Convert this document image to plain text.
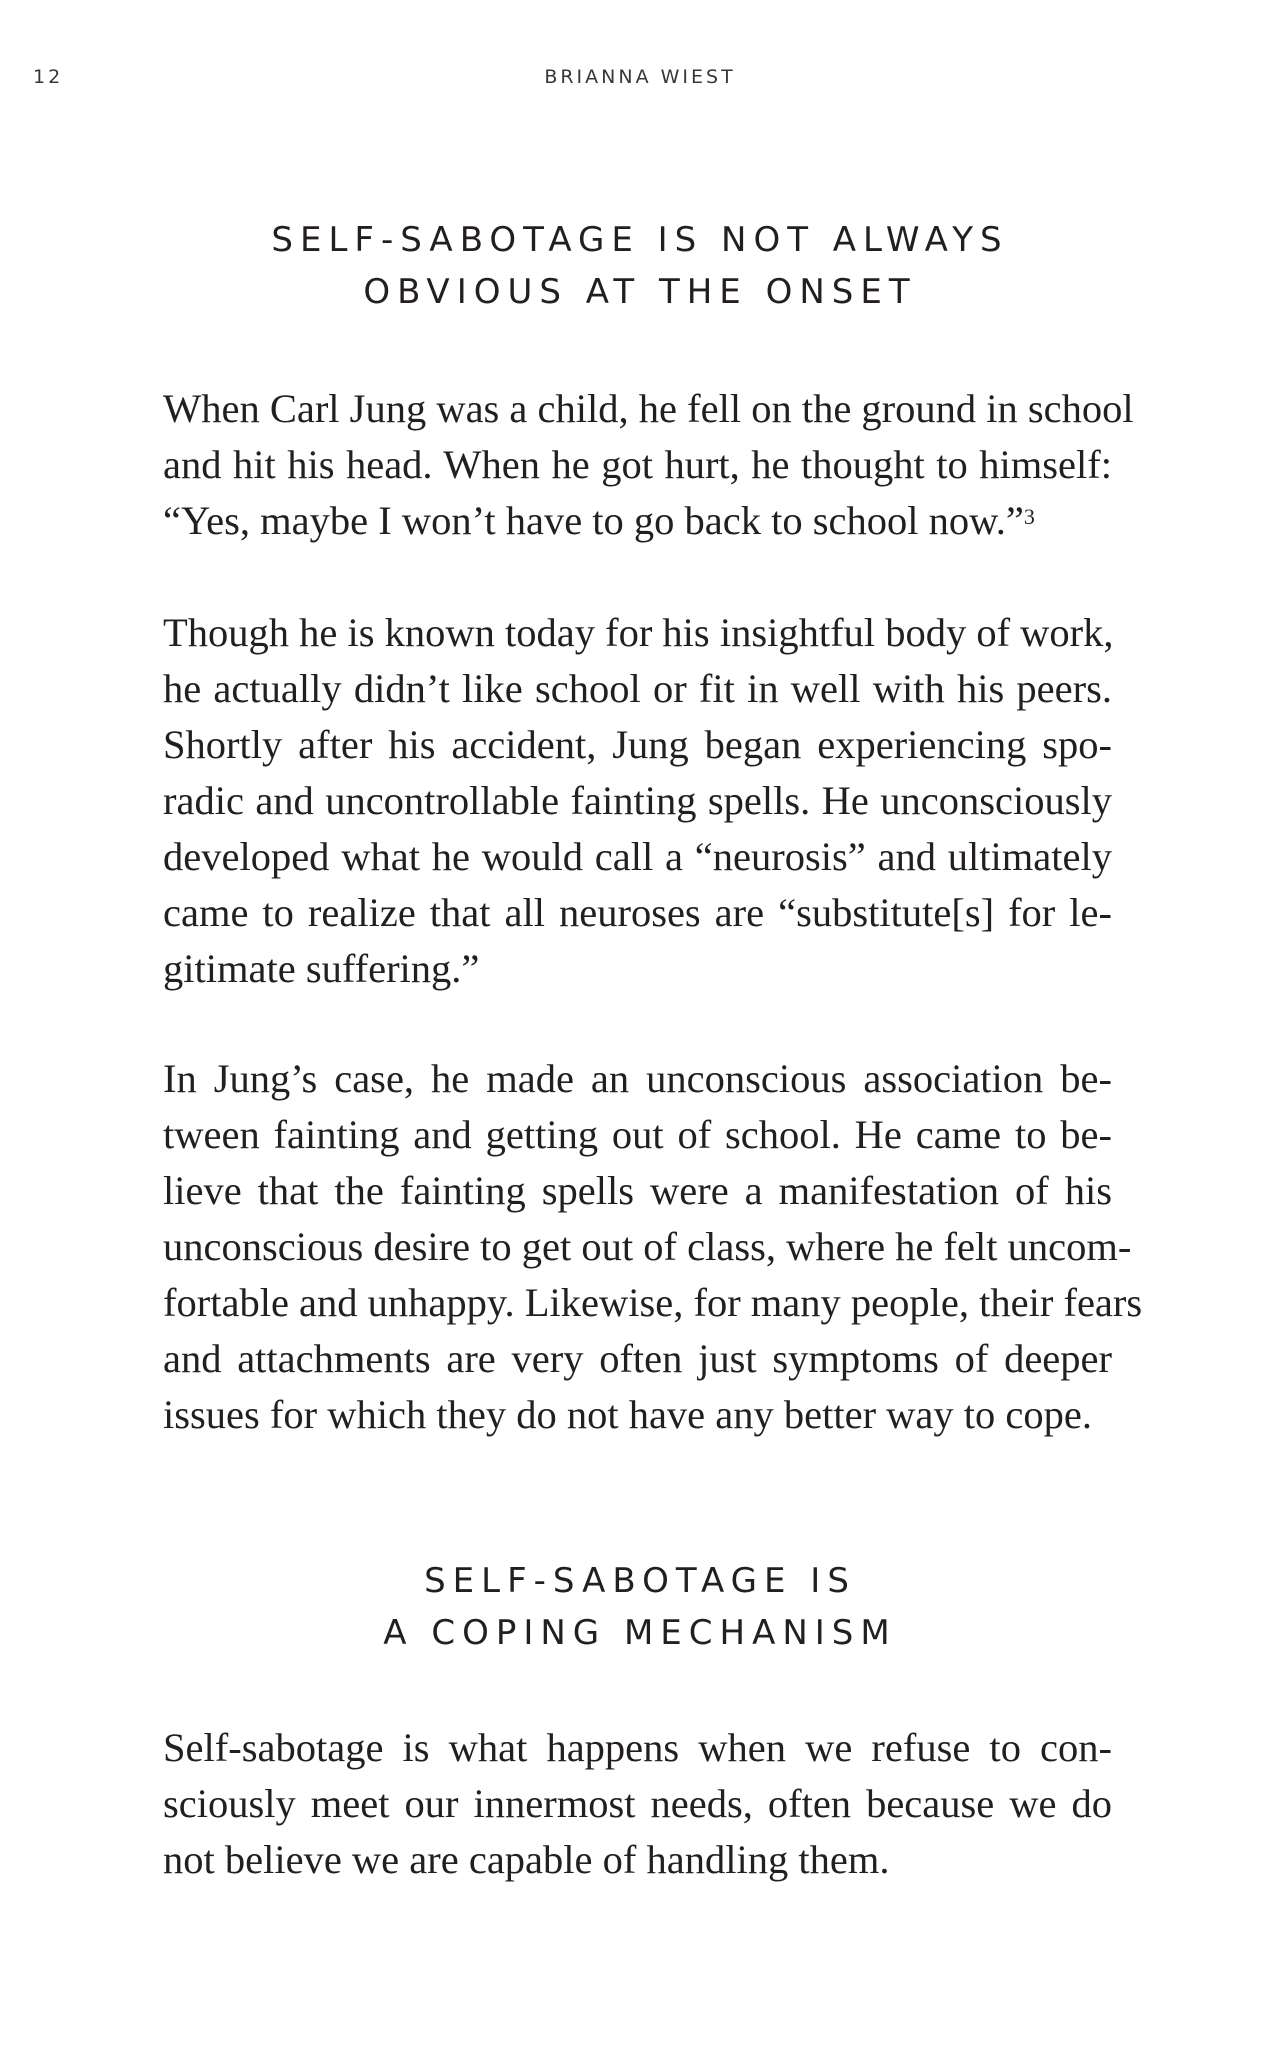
12	BRIANNA WIEST
SELF-SABOTAGE IS NOT ALWAYS
OBVIOUS AT THE ONSET

When Carl Jung was a child, he fell on the ground in school
and hit his head. When he got hurt, he thought to himself:
“Yes, maybe I won’t have to go back to school now.”$^3$

Though he is known today for his insightful body of work,
he actually didn’t like school or fit in well with his peers.
Shortly after his accident, Jung began experiencing spo-
radic and uncontrollable fainting spells. He unconsciously
developed what he would call a “neurosis” and ultimately
came to realize that all neuroses are “substitute[s] for le-
gitimate suffering.”

In Jung’s case, he made an unconscious association be-
tween fainting and getting out of school. He came to be-
lieve that the fainting spells were a manifestation of his
unconscious desire to get out of class, where he felt uncom-
fortable and unhappy. Likewise, for many people, their fears
and attachments are very often just symptoms of deeper
issues for which they do not have any better way to cope.

SELF-SABOTAGE IS
A COPING MECHANISM

Self-sabotage is what happens when we refuse to con-
sciously meet our innermost needs, often because we do
not believe we are capable of handling them.
